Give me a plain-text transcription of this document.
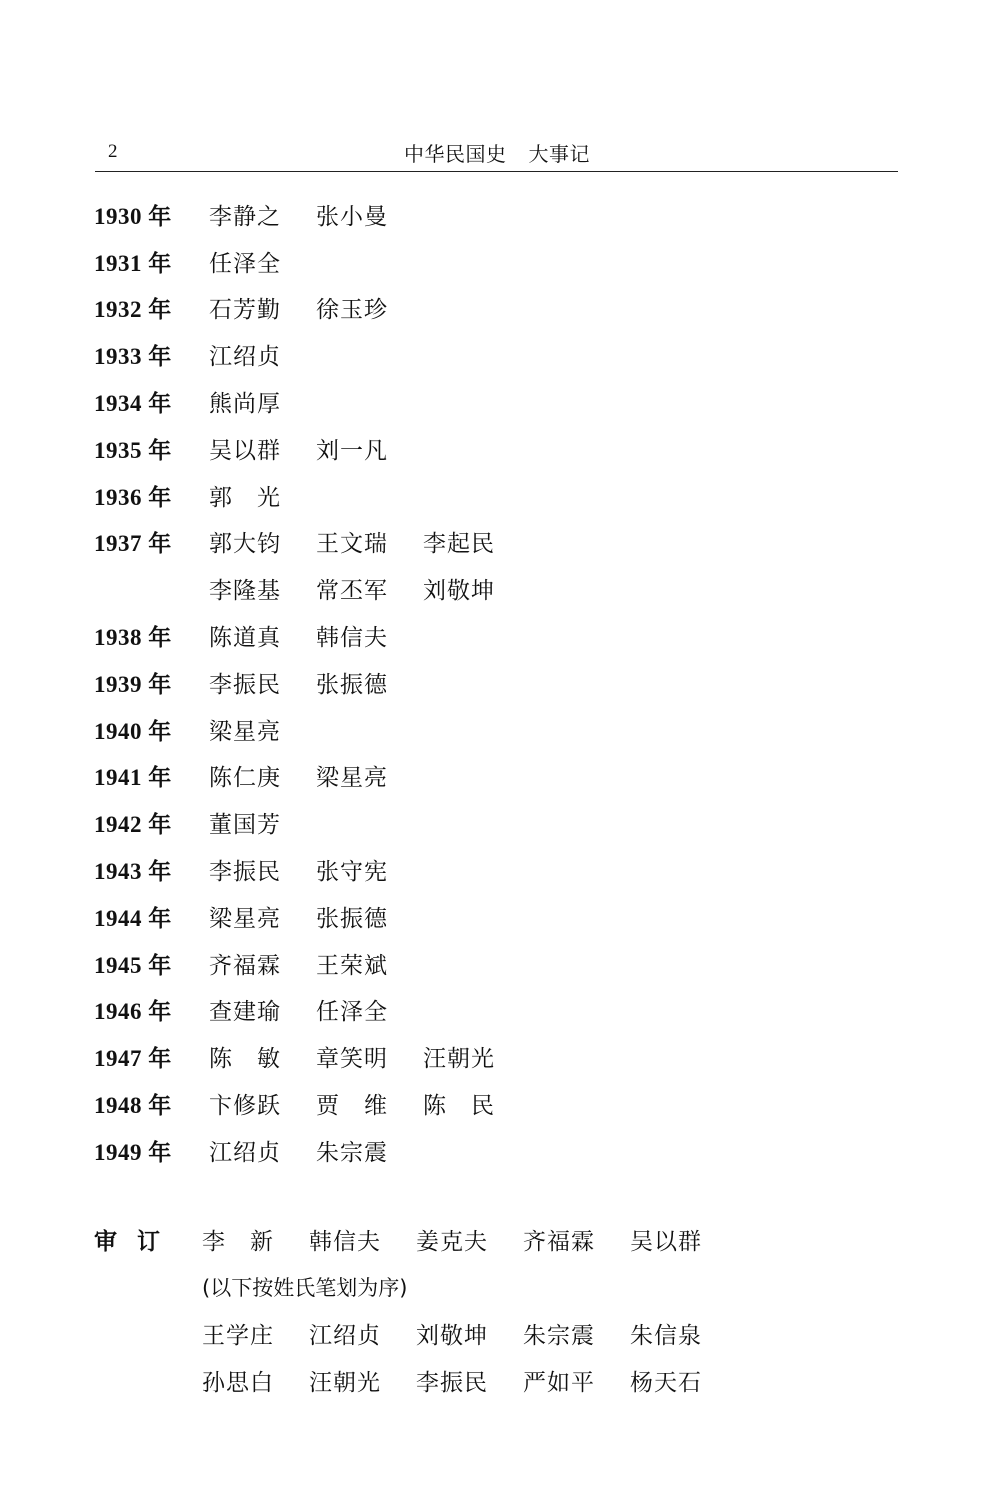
2	中华民国史 大事记
1930 年	李静之	张小曼
1931 年	任泽全
1932 年	石芳勤	徐玉珍
1933 年	江绍贞
1934 年	熊尚厚
1935 年	吴以群	刘一凡
1936 年	郭　光
1937 年	郭大钧	王文瑞	李起民
李隆基	常丕军	刘敬坤
1938 年	陈道真	韩信夫
1939 年	李振民	张振德
1940 年	梁星亮
1941 年	陈仁庚	梁星亮
1942 年	董国芳
1943 年	李振民	张守宪
1944 年	梁星亮	张振德
1945 年	齐福霖	王荣斌
1946 年	查建瑜	任泽全
1947 年	陈　敏	章笑明	汪朝光
1948 年	卞修跃	贾　维	陈　民
1949 年	江绍贞	朱宗震
审订 李　新	韩信夫	姜克夫	齐福霖	吴以群
(以下按姓氏笔划为序)
王学庄	江绍贞	刘敬坤	朱宗震	朱信泉
孙思白	汪朝光	李振民	严如平	杨天石
